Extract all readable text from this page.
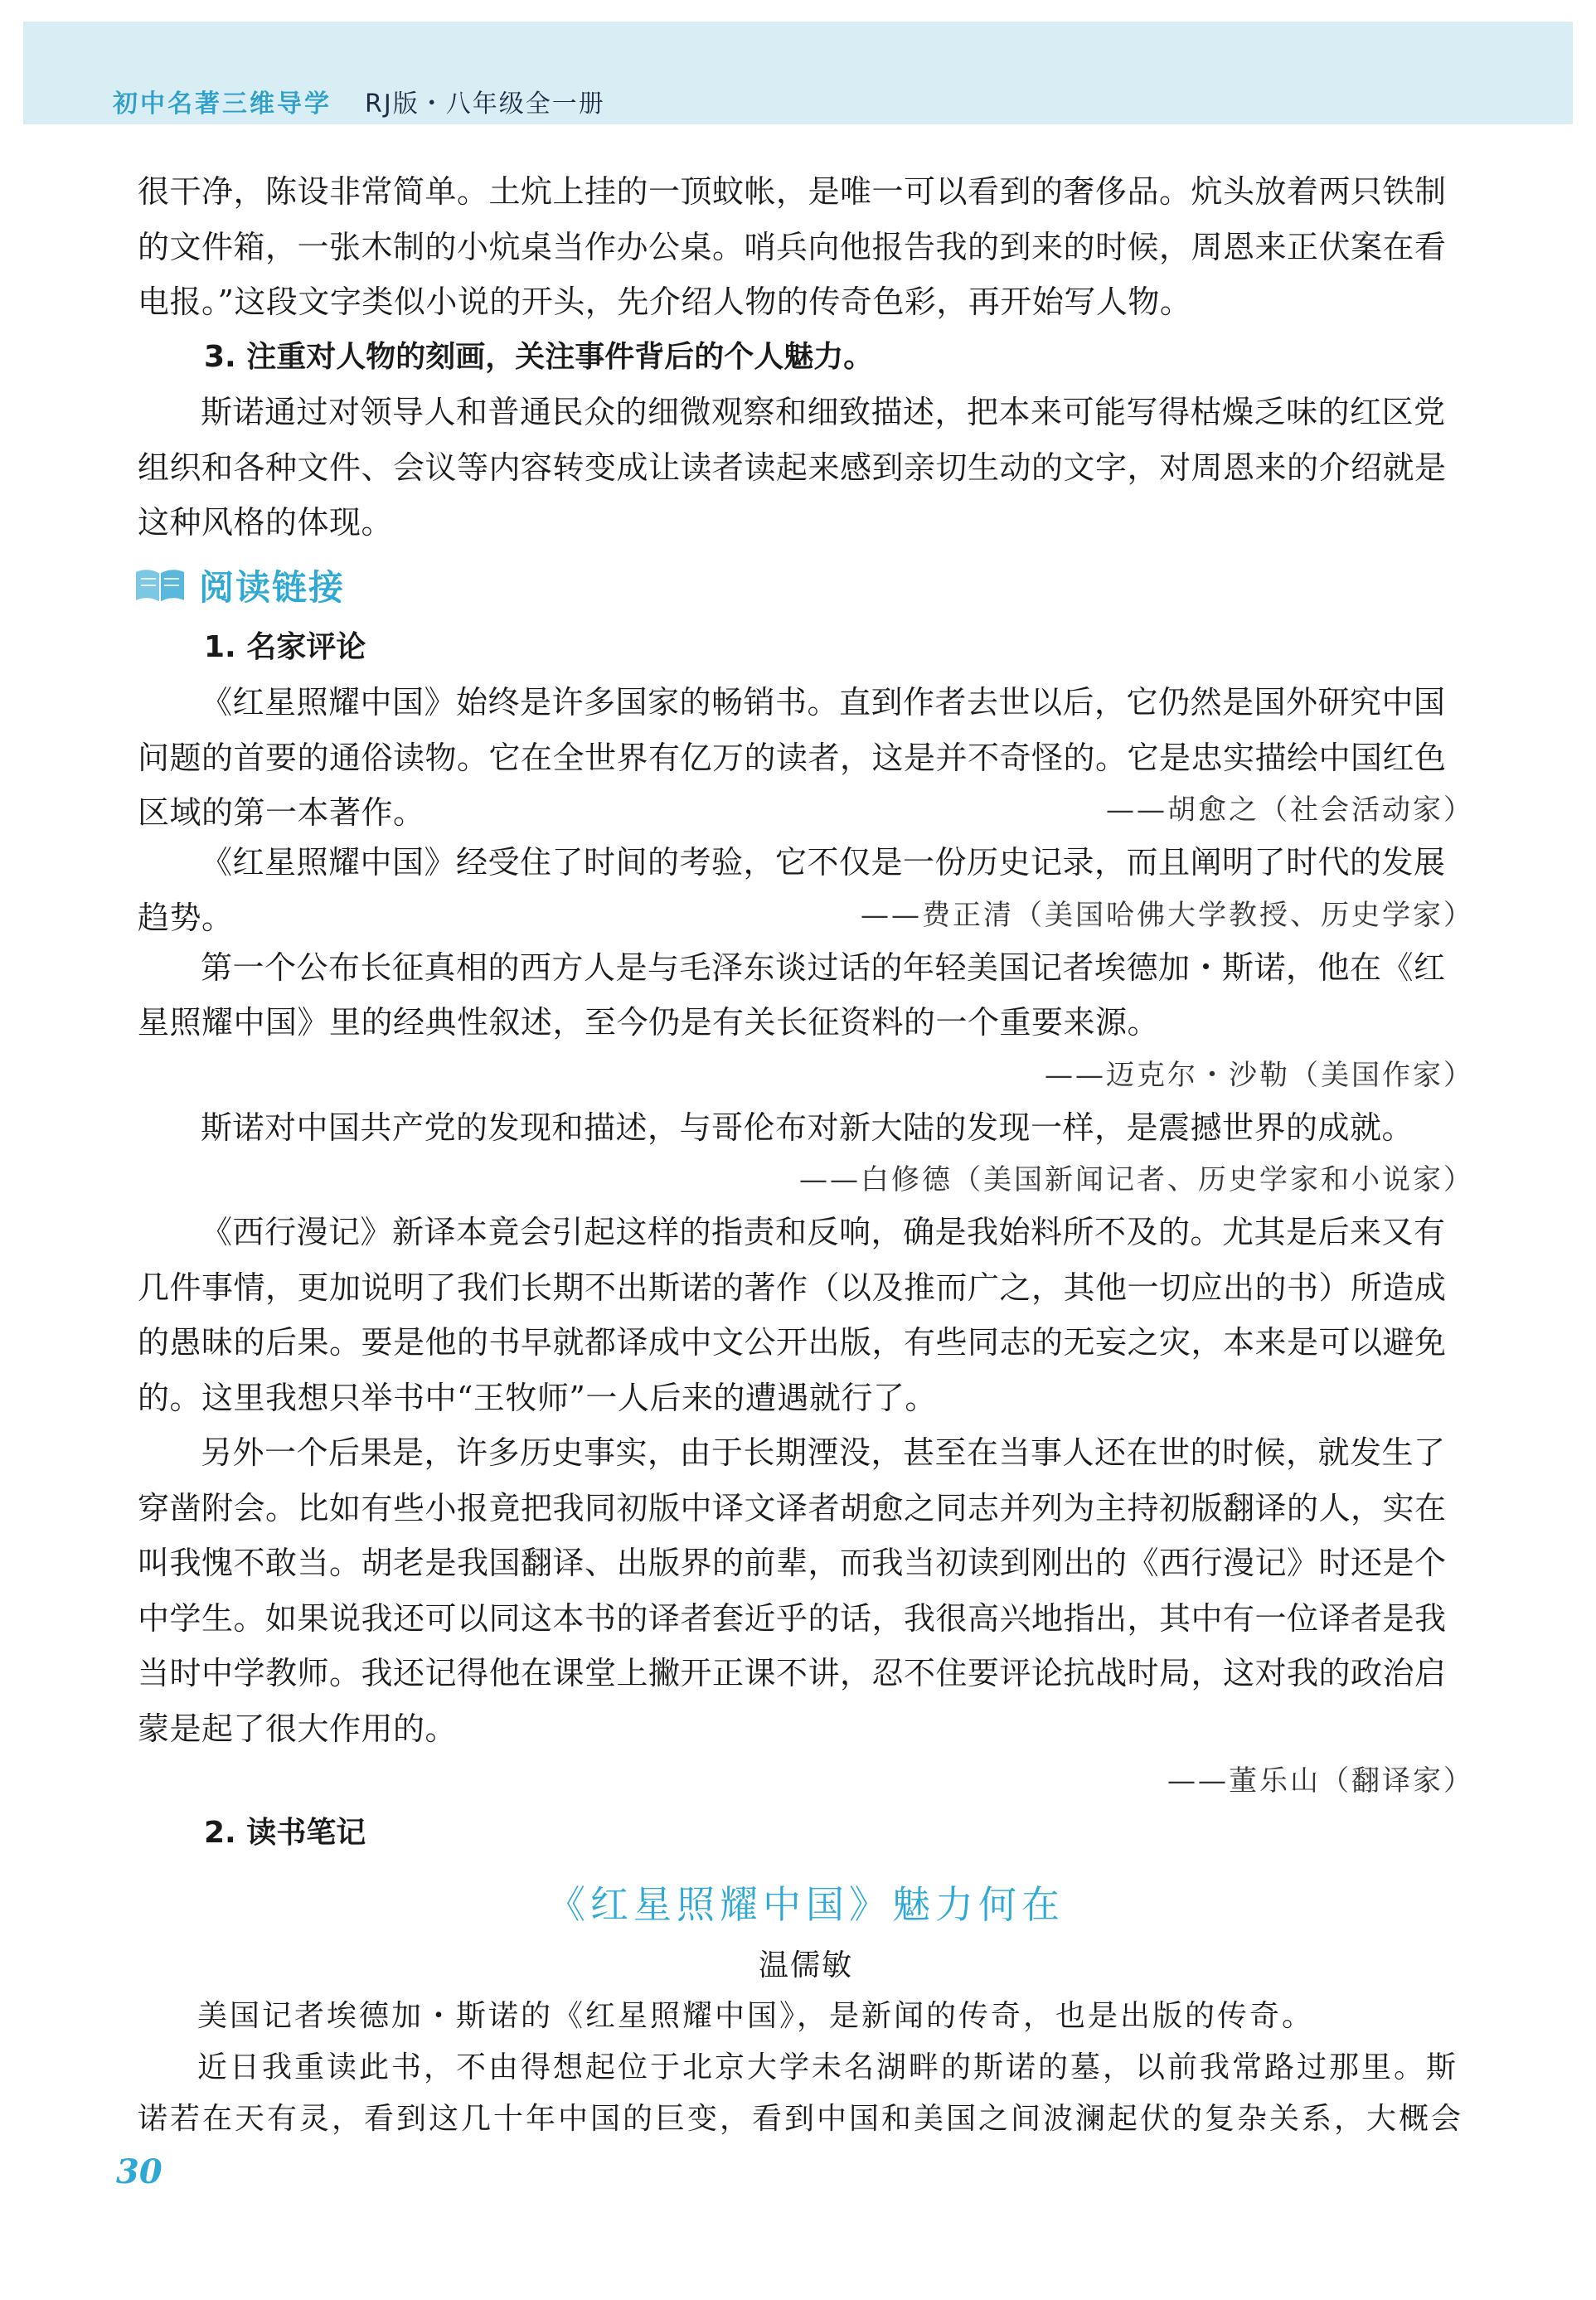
初中名著三维导学 RJ版・八年级全一册

很干净，陈设非常简单。土炕上挂的一顶蚊帐，是唯一可以看到的奢侈品。炕头放着两只铁制的文件箱，一张木制的小炕桌当作办公桌。哨兵向他报告我的到来的时候，周恩来正伏案在看电报。”这段文字类似小说的开头，先介绍人物的传奇色彩，再开始写人物。

3. 注重对人物的刻画，关注事件背后的个人魅力。

斯诺通过对领导人和普通民众的细微观察和细致描述，把本来可能写得枯燥乏味的红区党组织和各种文件、会议等内容转变成让读者读起来感到亲切生动的文字，对周恩来的介绍就是这种风格的体现。

阅读链接
1. 名家评论

《红星照耀中国》始终是许多国家的畅销书。直到作者去世以后，它仍然是国外研究中国问题的首要的通俗读物。它在全世界有亿万的读者，这是并不奇怪的。它是忠实描绘中国红色区域的第一本著作。	——胡愈之（社会活动家）

《红星照耀中国》经受住了时间的考验，它不仅是一份历史记录，而且阐明了时代的发展趋势。	——费正清（美国哈佛大学教授、历史学家）

第一个公布长征真相的西方人是与毛泽东谈过话的年轻美国记者埃德加・斯诺，他在《红星照耀中国》里的经典性叙述，至今仍是有关长征资料的一个重要来源。

——迈克尔・沙勒（美国作家）

斯诺对中国共产党的发现和描述，与哥伦布对新大陆的发现一样，是震撼世界的成就。

——白修德（美国新闻记者、历史学家和小说家）

《西行漫记》新译本竟会引起这样的指责和反响，确是我始料所不及的。尤其是后来又有几件事情，更加说明了我们长期不出斯诺的著作（以及推而广之，其他一切应出的书）所造成的愚昧的后果。要是他的书早就都译成中文公开出版，有些同志的无妄之灾，本来是可以避免的。这里我想只举书中“王牧师”一人后来的遭遇就行了。

另外一个后果是，许多历史事实，由于长期湮没，甚至在当事人还在世的时候，就发生了穿凿附会。比如有些小报竟把我同初版中译文译者胡愈之同志并列为主持初版翻译的人，实在叫我愧不敢当。胡老是我国翻译、出版界的前辈，而我当初读到刚出的《西行漫记》时还是个中学生。如果说我还可以同这本书的译者套近乎的话，我很高兴地指出，其中有一位译者是我当时中学教师。我还记得他在课堂上撇开正课不讲，忍不住要评论抗战时局，这对我的政治启蒙是起了很大作用的。

——董乐山（翻译家）
2. 读书笔记
《红星照耀中国》魅力何在
温儒敏

美国记者埃德加・斯诺的《红星照耀中国》，是新闻的传奇，也是出版的传奇。

近日我重读此书，不由得想起位于北京大学未名湖畔的斯诺的墓，以前我常路过那里。斯诺若在天有灵，看到这几十年中国的巨变，看到中国和美国之间波澜起伏的复杂关系，大概会

30
